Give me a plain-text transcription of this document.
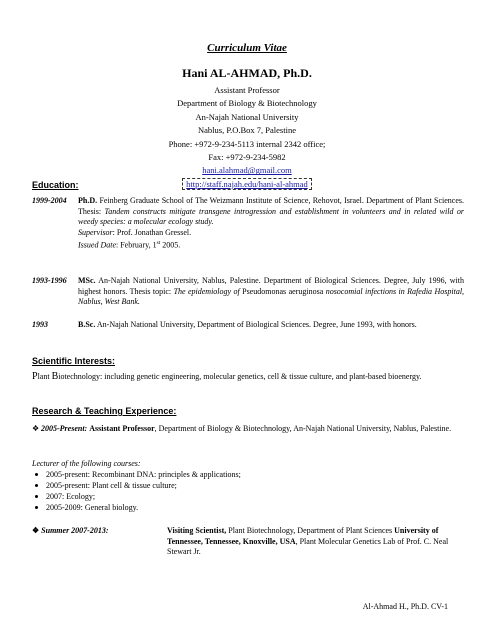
Curriculum Vitae
Hani AL-AHMAD, Ph.D.
Assistant Professor
Department of Biology & Biotechnology
An-Najah National University
Nablus, P.O.Box 7, Palestine
Phone: +972-9-234-5113 internal 2342 office;
Fax: +972-9-234-5982
hani.alahmad@gmail.com
http://staff.najah.edu/hani-al-ahmad
Education:
1999-2004	Ph.D. Feinberg Graduate School of The Weizmann Institute of Science, Rehovot, Israel. Department of Plant Sciences. Thesis: Tandem constructs mitigate transgene introgression and establishment in volunteers and in related wild or weedy species: a molecular ecology study.
Supervisor: Prof. Jonathan Gressel.
Issued Date: February, 1st 2005.
1993-1996	MSc. An-Najah National University, Nablus, Palestine. Department of Biological Sciences. Degree, July 1996, with highest honors. Thesis topic: The epidemiology of Pseudomonas aeruginosa nosocomial infections in Rafedia Hospital, Nablus, West Bank.
1993	B.Sc. An-Najah National University, Department of Biological Sciences. Degree, June 1993, with honors.
Scientific Interests:
Plant Biotechnology: including genetic engineering, molecular genetics, cell & tissue culture, and plant-based bioenergy.
Research & Teaching Experience:
❖ 2005-Present: Assistant Professor, Department of Biology & Biotechnology, An-Najah National University, Nablus, Palestine.
Lecturer of the following courses:
2005-present: Recombinant DNA: principles & applications;
2005-present: Plant cell & tissue culture;
2007: Ecology;
2005-2009: General biology.
❖ Summer 2007-2013:	Visiting Scientist, Plant Biotechnology, Department of Plant Sciences University of Tennessee, Tennessee, Knoxville, USA, Plant Molecular Genetics Lab of Prof. C. Neal Stewart Jr.
Al-Ahmad H., Ph.D. CV-1
